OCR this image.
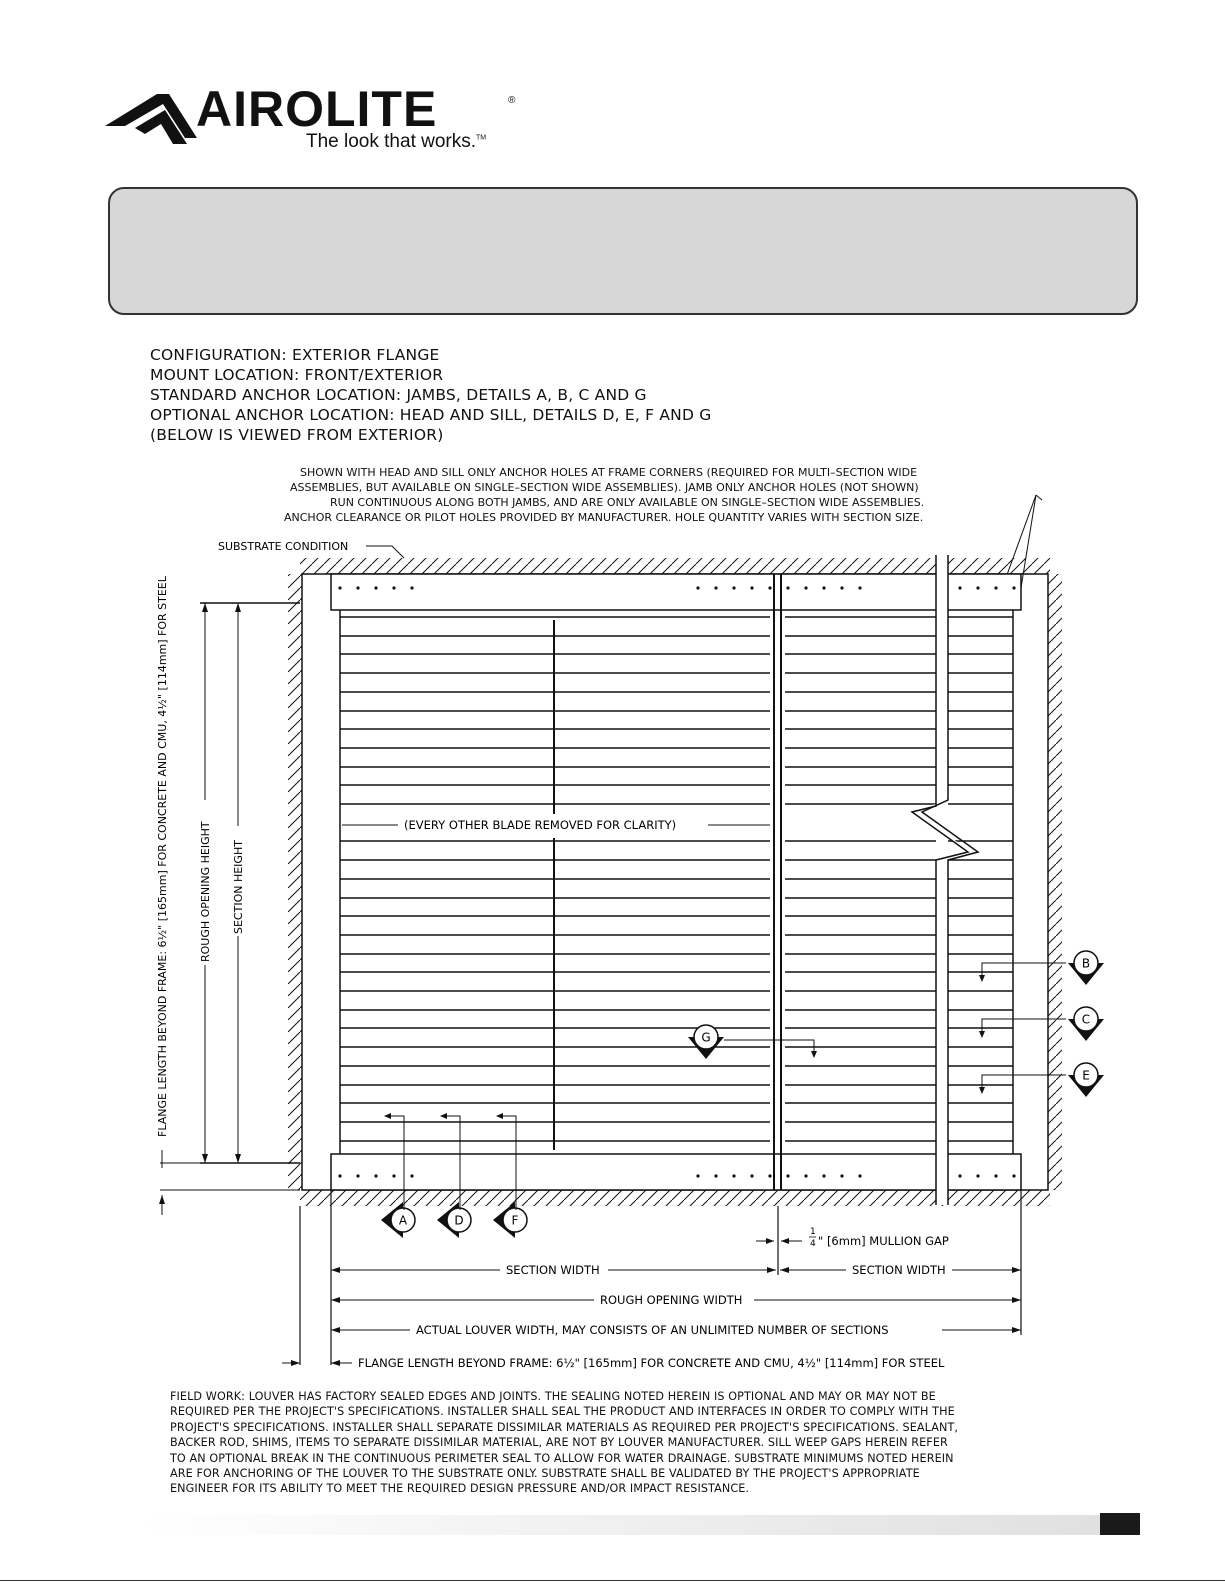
AIROLITE	®
The look that works.™
CONFIGURATION: EXTERIOR FLANGE
MOUNT LOCATION: FRONT/EXTERIOR
STANDARD ANCHOR LOCATION: JAMBS, DETAILS A, B, C AND G
OPTIONAL ANCHOR LOCATION: HEAD AND SILL, DETAILS D, E, F AND G
(BELOW IS VIEWED FROM EXTERIOR)
SHOWN WITH HEAD AND SILL ONLY ANCHOR HOLES AT FRAME CORNERS (REQUIRED FOR MULTI–SECTION WIDE
ASSEMBLIES, BUT AVAILABLE ON SINGLE–SECTION WIDE ASSEMBLIES). JAMB ONLY ANCHOR HOLES (NOT SHOWN)
RUN CONTINUOUS ALONG BOTH JAMBS, AND ARE ONLY AVAILABLE ON SINGLE–SECTION WIDE ASSEMBLIES.
ANCHOR CLEARANCE OR PILOT HOLES PROVIDED BY MANUFACTURER. HOLE QUANTITY VARIES WITH SECTION SIZE.
SUBSTRATE CONDITION
(EVERY OTHER BLADE REMOVED FOR CLARITY)
ROUGH OPENING HEIGHT SECTION HEIGHT
FLANGE LENGTH BEYOND FRAME: 6½" [165mm] FOR CONCRETE AND CMU, 4½" [114mm] FOR STEEL
1
4 " [6mm] MULLION GAP
SECTION WIDTH	SECTION WIDTH
ROUGH OPENING WIDTH
ACTUAL LOUVER WIDTH, MAY CONSISTS OF AN UNLIMITED NUMBER OF SECTIONS
FLANGE LENGTH BEYOND FRAME: 6½" [165mm] FOR CONCRETE AND CMU, 4½" [114mm] FOR STEEL
A	D	F
B
C
E
G
FIELD WORK: LOUVER HAS FACTORY SEALED EDGES AND JOINTS. THE SEALING NOTED HEREIN IS OPTIONAL AND MAY OR MAY NOT BE
REQUIRED PER THE PROJECT'S SPECIFICATIONS. INSTALLER SHALL SEAL THE PRODUCT AND INTERFACES IN ORDER TO COMPLY WITH THE
PROJECT'S SPECIFICATIONS. INSTALLER SHALL SEPARATE DISSIMILAR MATERIALS AS REQUIRED PER PROJECT'S SPECIFICATIONS. SEALANT,
BACKER ROD, SHIMS, ITEMS TO SEPARATE DISSIMILAR MATERIAL, ARE NOT BY LOUVER MANUFACTURER. SILL WEEP GAPS HEREIN REFER
TO AN OPTIONAL BREAK IN THE CONTINUOUS PERIMETER SEAL TO ALLOW FOR WATER DRAINAGE. SUBSTRATE MINIMUMS NOTED HEREIN
ARE FOR ANCHORING OF THE LOUVER TO THE SUBSTRATE ONLY. SUBSTRATE SHALL BE VALIDATED BY THE PROJECT'S APPROPRIATE
ENGINEER FOR ITS ABILITY TO MEET THE REQUIRED DESIGN PRESSURE AND/OR IMPACT RESISTANCE.
